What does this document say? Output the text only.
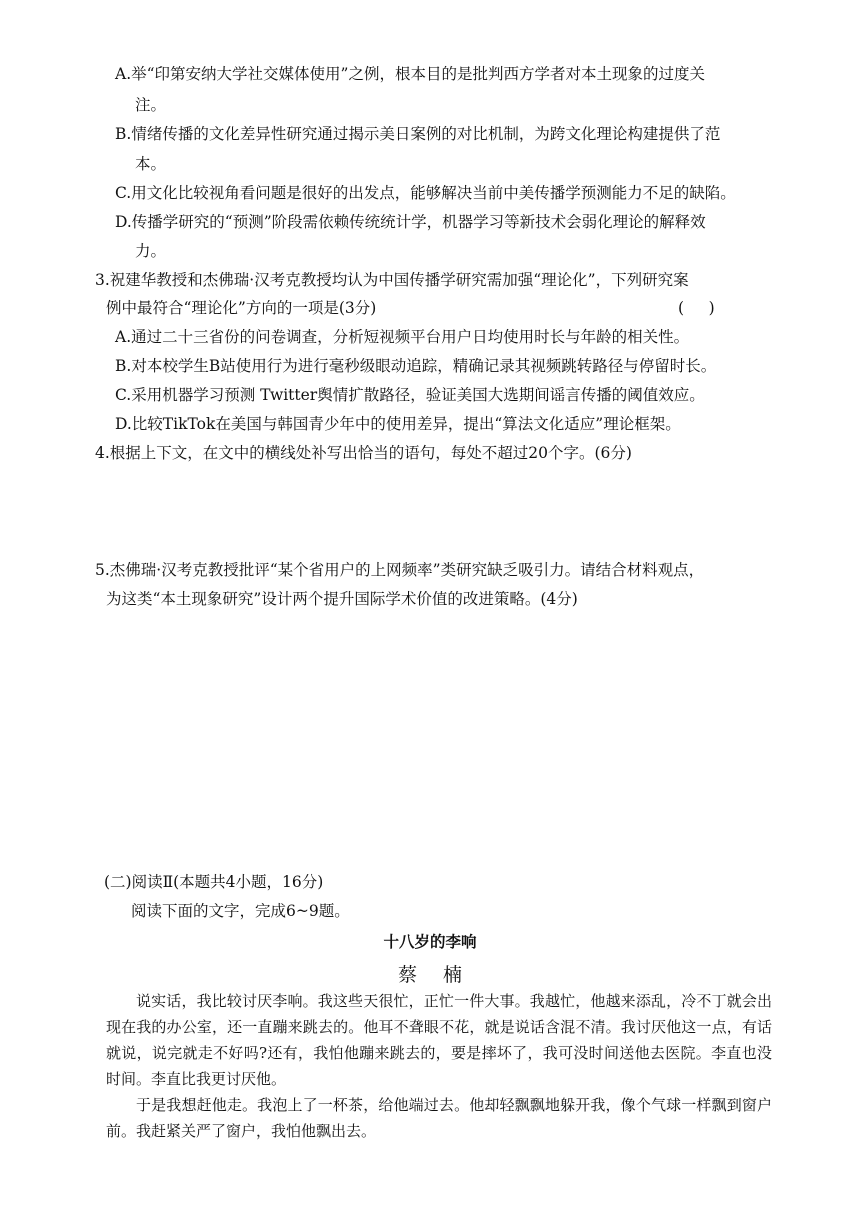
A.举“印第安纳大学社交媒体使用”之例，根本目的是批判西方学者对本土现象的过度关
注。
B.情绪传播的文化差异性研究通过揭示美日案例的对比机制，为跨文化理论构建提供了范
本。
C.用文化比较视角看问题是很好的出发点，能够解决当前中美传播学预测能力不足的缺陷。
D.传播学研究的“预测”阶段需依赖传统统计学，机器学习等新技术会弱化理论的解释效
力。
3.祝建华教授和杰佛瑞·汉考克教授均认为中国传播学研究需加强“理论化”，下列研究案
例中最符合“理论化”方向的一项是(3分)	(     )
A.通过二十三省份的问卷调查，分析短视频平台用户日均使用时长与年龄的相关性。
B.对本校学生B站使用行为进行毫秒级眼动追踪，精确记录其视频跳转路径与停留时长。
C.采用机器学习预测 Twitter舆情扩散路径，验证美国大选期间谣言传播的阈值效应。
D.比较TikTok在美国与韩国青少年中的使用差异，提出“算法文化适应”理论框架。
4.根据上下文，在文中的横线处补写出恰当的语句，每处不超过20个字。(6分)
5.杰佛瑞·汉考克教授批评“某个省用户的上网频率”类研究缺乏吸引力。请结合材料观点，
为这类“本土现象研究”设计两个提升国际学术价值的改进策略。(4分)
(二)阅读Ⅱ(本题共4小题，16分)
阅读下面的文字，完成6~9题。
十八岁的李响
蔡 楠

说实话，我比较讨厌李响。我这些天很忙，正忙一件大事。我越忙，他越来添乱，冷不丁就会出现在我的办公室，还一直蹦来跳去的。他耳不聋眼不花，就是说话含混不清。我讨厌他这一点，有话就说，说完就走不好吗?还有，我怕他蹦来跳去的，要是摔坏了，我可没时间送他去医院。李直也没时间。李直比我更讨厌他。

于是我想赶他走。我泡上了一杯茶，给他端过去。他却轻飘飘地躲开我，像个气球一样飘到窗户前。我赶紧关严了窗户，我怕他飘出去。
